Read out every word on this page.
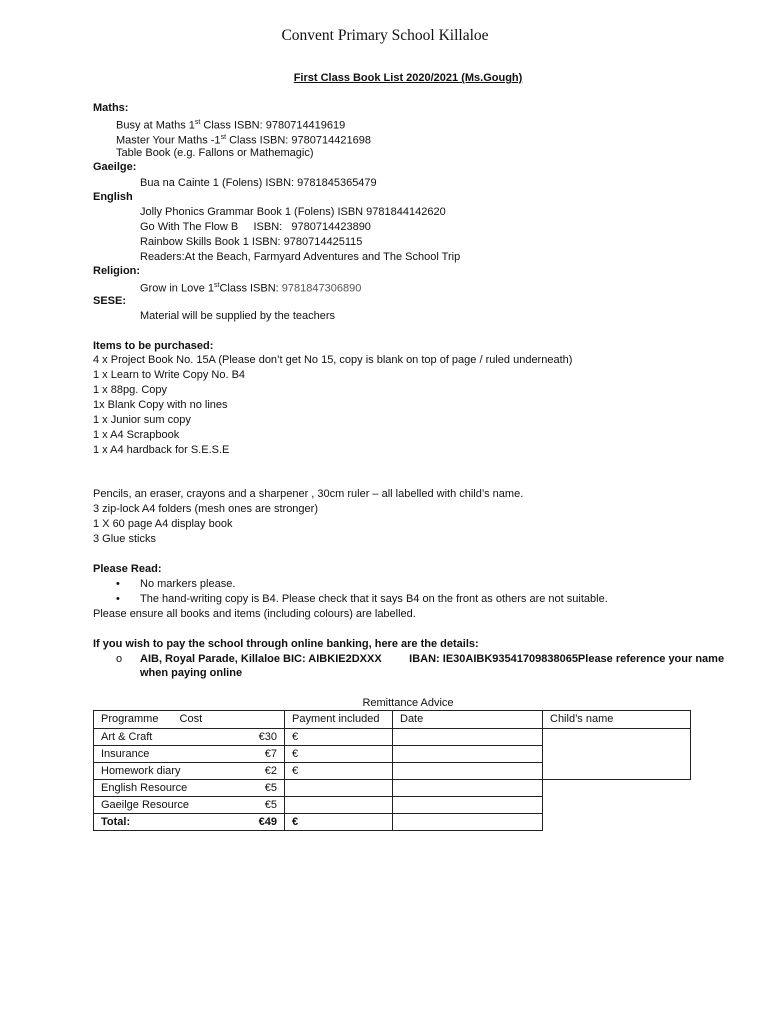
Convent Primary School Killaloe
First Class Book List 2020/2021 (Ms.Gough)
Maths:
Busy at Maths 1st Class ISBN: 9780714419619
Master Your Maths -1st Class ISBN: 9780714421698
Table Book (e.g. Fallons or Mathemagic)
Gaeilge:
Bua na Cainte 1 (Folens) ISBN: 9781845365479
English
Jolly Phonics Grammar Book 1 (Folens) ISBN 9781844142620
Go With The Flow B     ISBN:   9780714423890
Rainbow Skills Book 1 ISBN: 9780714425115
Readers:At the Beach, Farmyard Adventures and The School Trip
Religion:
Grow in Love 1stClass ISBN: 9781847306890
SESE:
Material will be supplied by the teachers
Items to be purchased:
4 x Project Book No. 15A (Please don’t get No 15, copy is blank on top of page / ruled underneath)
1 x Learn to Write Copy No. B4
1 x 88pg. Copy
1x Blank Copy with no lines
1 x Junior sum copy
1 x A4 Scrapbook
1 x A4 hardback for S.E.S.E
Pencils, an eraser, crayons and a sharpener , 30cm ruler – all labelled with child’s name.
3 zip-lock A4 folders (mesh ones are stronger)
1 X 60 page A4 display book
3 Glue sticks
Please Read:
• No markers please.
• The hand-writing copy is B4. Please check that it says B4 on the front as others are not suitable.
Please ensure all books and items (including colours) are labelled.
If you wish to pay the school through online banking, here are the details:
o AIB, Royal Parade, Killaloe BIC: AIBKIE2DXXX         IBAN: IE30AIBK93541709838065Please reference your name
when paying online
Remittance Advice
Programme Cost	Payment included	Date	Child’s name

Art & Craft €30	€		

Insurance €7	€		

Homework diary €2	€		

English Resource €5			

Gaeilge Resource €5			

Total: €49	€		
